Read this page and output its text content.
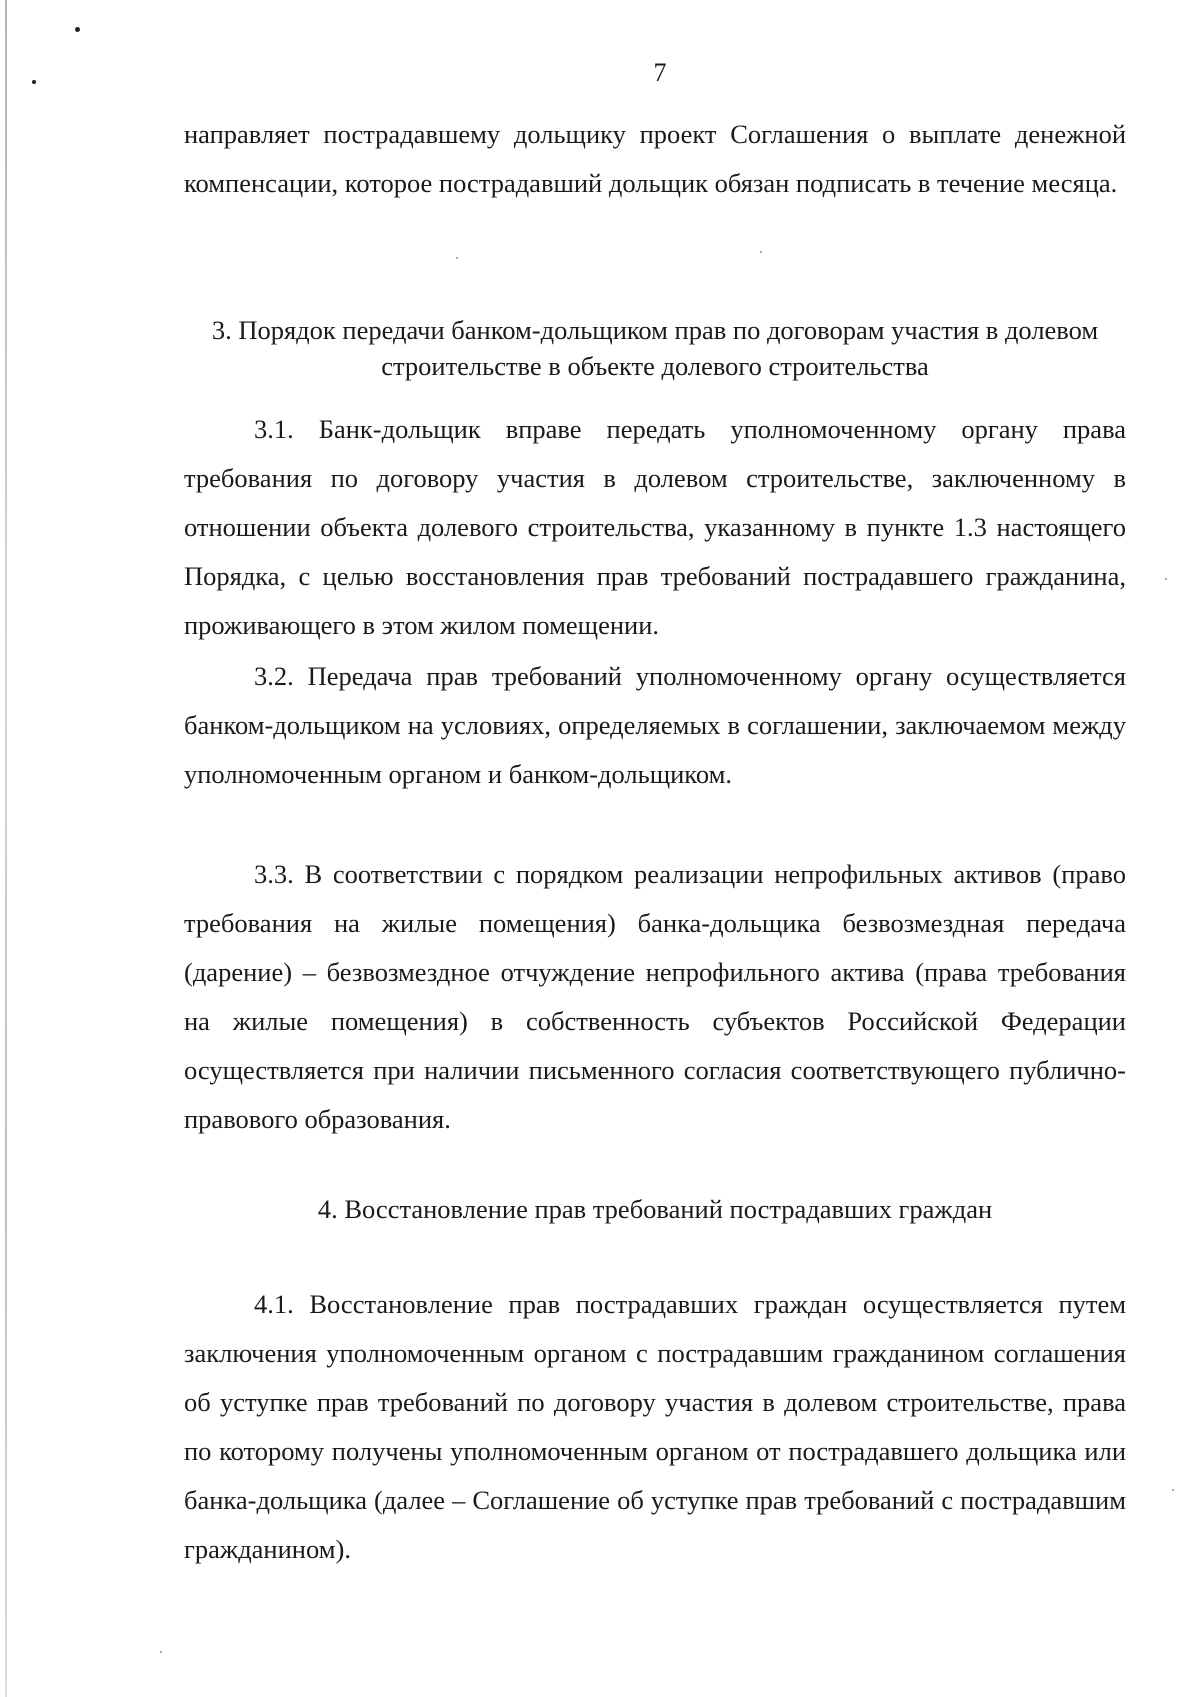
7

направляет пострадавшему дольщику проект Соглашения о выплате денежной компенсации, которое пострадавший дольщик обязан подписать в течение месяца.

3. Порядок передачи банком-дольщиком прав по договорам участия в долевом строительстве в объекте долевого строительства

3.1. Банк-дольщик вправе передать уполномоченному органу права требования по договору участия в долевом строительстве, заключенному в отношении объекта долевого строительства, указанному в пункте 1.3 настоящего Порядка, с целью восстановления прав требований пострадавшего гражданина, проживающего в этом жилом помещении.

3.2. Передача прав требований уполномоченному органу осуществляется банком-дольщиком на условиях, определяемых в соглашении, заключаемом между уполномоченным органом и банком-дольщиком.

3.3. В соответствии с порядком реализации непрофильных активов (право требования на жилые помещения) банка-дольщика безвозмездная передача (дарение) – безвозмездное отчуждение непрофильного актива (права требования на жилые помещения) в собственность субъектов Российской Федерации осуществляется при наличии письменного согласия соответствующего публично-правового образования.

4. Восстановление прав требований пострадавших граждан

4.1. Восстановление прав пострадавших граждан осуществляется путем заключения уполномоченным органом с пострадавшим гражданином соглашения об уступке прав требований по договору участия в долевом строительстве, права по которому получены уполномоченным органом от пострадавшего дольщика или банка-дольщика (далее – Соглашение об уступке прав требований с пострадавшим гражданином).
